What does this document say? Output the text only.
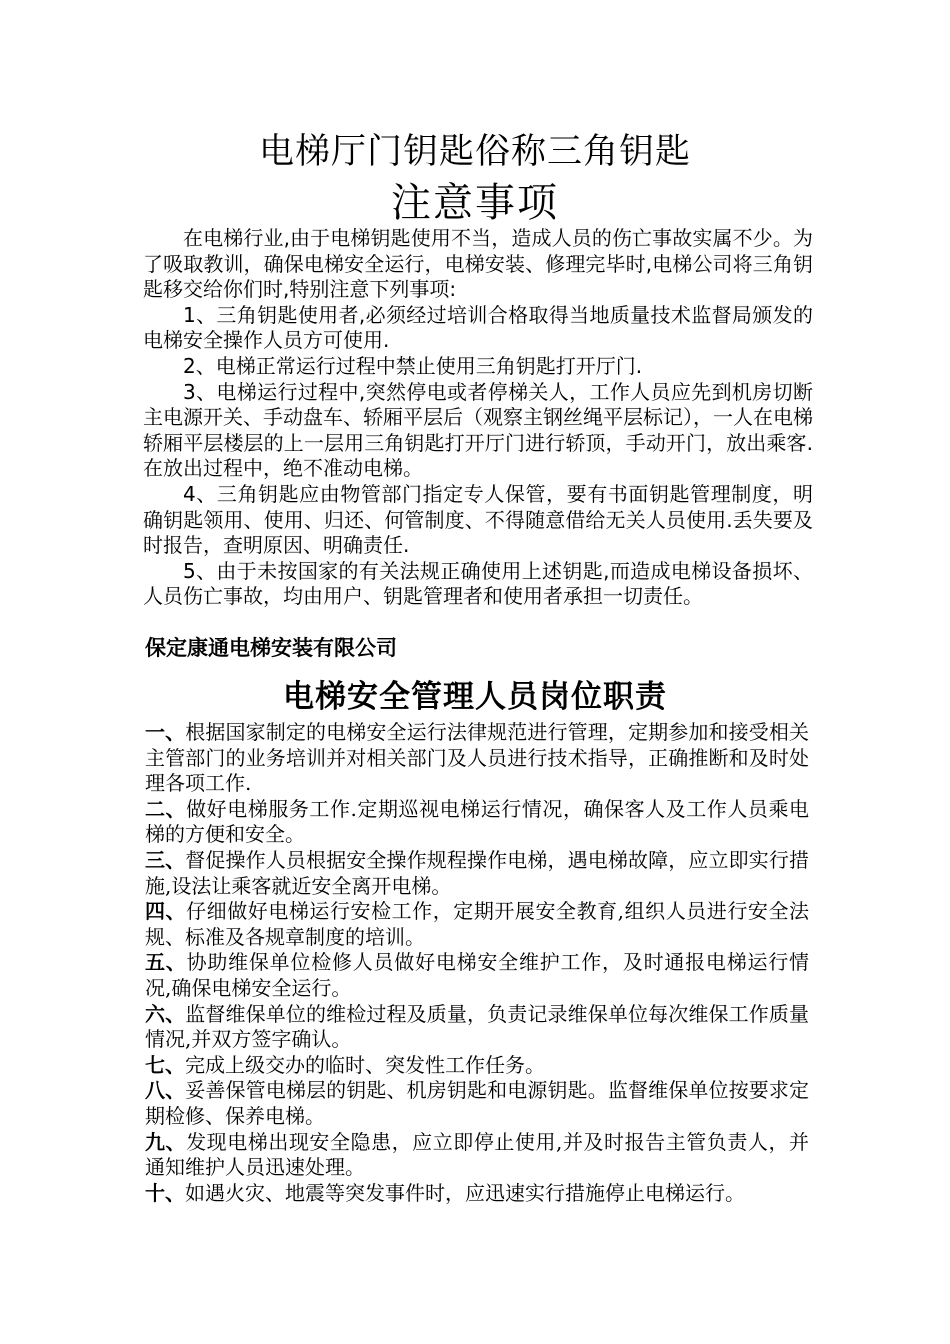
电梯厅门钥匙俗称三角钥匙
注意事项

在电梯行业,由于电梯钥匙使用不当，造成人员的伤亡事故实属不少。为了吸取教训，确保电梯安全运行，电梯安装、修理完毕时,电梯公司将三角钥匙移交给你们时,特别注意下列事项:

1、三角钥匙使用者,必须经过培训合格取得当地质量技术监督局颁发的电梯安全操作人员方可使用.

2、电梯正常运行过程中禁止使用三角钥匙打开厅门.

3、电梯运行过程中,突然停电或者停梯关人，工作人员应先到机房切断主电源开关、手动盘车、轿厢平层后（观察主钢丝绳平层标记），一人在电梯轿厢平层楼层的上一层用三角钥匙打开厅门进行轿顶，手动开门，放出乘客.在放出过程中，绝不准动电梯。

4、三角钥匙应由物管部门指定专人保管，要有书面钥匙管理制度，明确钥匙领用、使用、归还、何管制度、不得随意借给无关人员使用.丢失要及时报告，查明原因、明确责任.

5、由于未按国家的有关法规正确使用上述钥匙,而造成电梯设备损坏、人员伤亡事故，均由用户、钥匙管理者和使用者承担一切责任。

保定康通电梯安装有限公司
电梯安全管理人员岗位职责

一、根据国家制定的电梯安全运行法律规范进行管理，定期参加和接受相关主管部门的业务培训并对相关部门及人员进行技术指导，正确推断和及时处理各项工作.

二、做好电梯服务工作.定期巡视电梯运行情况，确保客人及工作人员乘电梯的方便和安全。

三、督促操作人员根据安全操作规程操作电梯，遇电梯故障，应立即实行措施,设法让乘客就近安全离开电梯。

四、仔细做好电梯运行安检工作，定期开展安全教育,组织人员进行安全法规、标准及各规章制度的培训。

五、协助维保单位检修人员做好电梯安全维护工作，及时通报电梯运行情况,确保电梯安全运行。

六、监督维保单位的维检过程及质量，负责记录维保单位每次维保工作质量情况,并双方签字确认。

七、完成上级交办的临时、突发性工作任务。

八、妥善保管电梯层的钥匙、机房钥匙和电源钥匙。监督维保单位按要求定期检修、保养电梯。

九、发现电梯出现安全隐患，应立即停止使用,并及时报告主管负责人，并通知维护人员迅速处理。

十、如遇火灾、地震等突发事件时，应迅速实行措施停止电梯运行。
